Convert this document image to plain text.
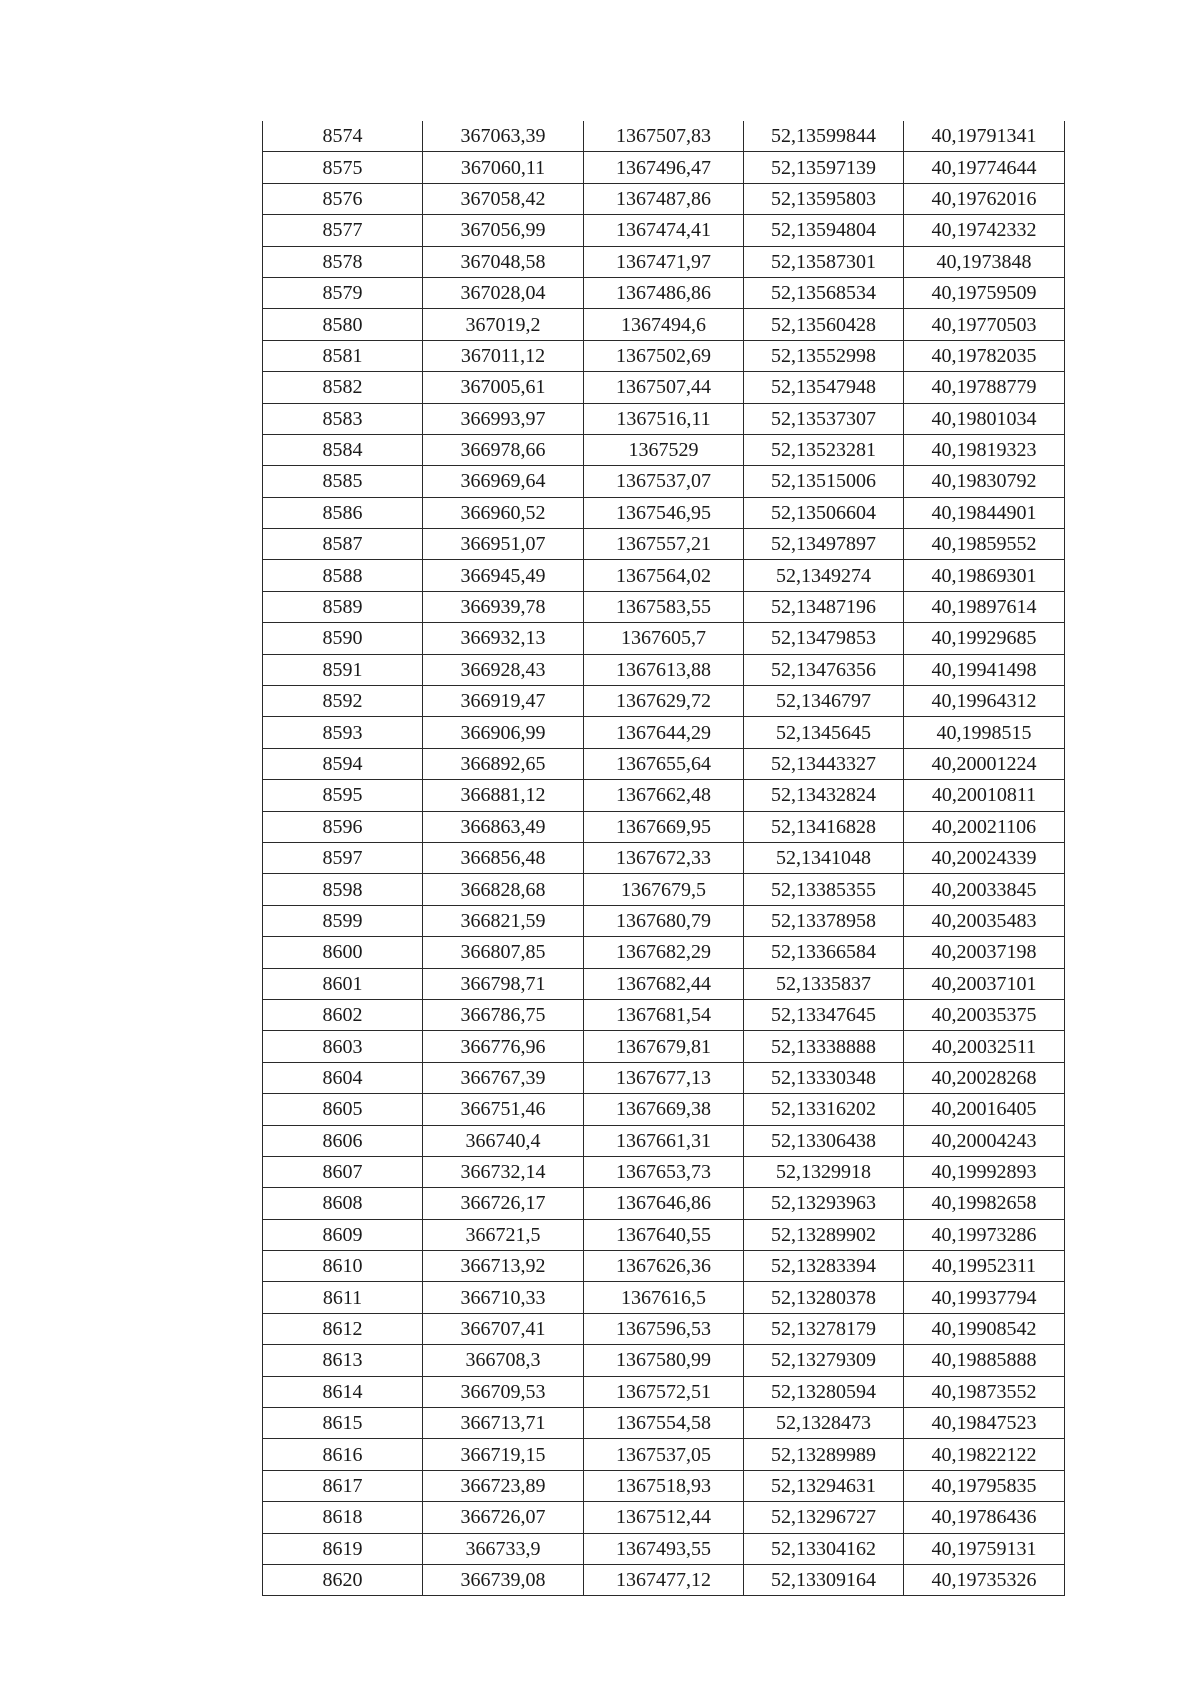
8574	367063,39	1367507,83	52,13599844	40,19791341
8575	367060,11	1367496,47	52,13597139	40,19774644
8576	367058,42	1367487,86	52,13595803	40,19762016
8577	367056,99	1367474,41	52,13594804	40,19742332
8578	367048,58	1367471,97	52,13587301	40,1973848
8579	367028,04	1367486,86	52,13568534	40,19759509
8580	367019,2	1367494,6	52,13560428	40,19770503
8581	367011,12	1367502,69	52,13552998	40,19782035
8582	367005,61	1367507,44	52,13547948	40,19788779
8583	366993,97	1367516,11	52,13537307	40,19801034
8584	366978,66	1367529	52,13523281	40,19819323
8585	366969,64	1367537,07	52,13515006	40,19830792
8586	366960,52	1367546,95	52,13506604	40,19844901
8587	366951,07	1367557,21	52,13497897	40,19859552
8588	366945,49	1367564,02	52,1349274	40,19869301
8589	366939,78	1367583,55	52,13487196	40,19897614
8590	366932,13	1367605,7	52,13479853	40,19929685
8591	366928,43	1367613,88	52,13476356	40,19941498
8592	366919,47	1367629,72	52,1346797	40,19964312
8593	366906,99	1367644,29	52,1345645	40,1998515
8594	366892,65	1367655,64	52,13443327	40,20001224
8595	366881,12	1367662,48	52,13432824	40,20010811
8596	366863,49	1367669,95	52,13416828	40,20021106
8597	366856,48	1367672,33	52,1341048	40,20024339
8598	366828,68	1367679,5	52,13385355	40,20033845
8599	366821,59	1367680,79	52,13378958	40,20035483
8600	366807,85	1367682,29	52,13366584	40,20037198
8601	366798,71	1367682,44	52,1335837	40,20037101
8602	366786,75	1367681,54	52,13347645	40,20035375
8603	366776,96	1367679,81	52,13338888	40,20032511
8604	366767,39	1367677,13	52,13330348	40,20028268
8605	366751,46	1367669,38	52,13316202	40,20016405
8606	366740,4	1367661,31	52,13306438	40,20004243
8607	366732,14	1367653,73	52,1329918	40,19992893
8608	366726,17	1367646,86	52,13293963	40,19982658
8609	366721,5	1367640,55	52,13289902	40,19973286
8610	366713,92	1367626,36	52,13283394	40,19952311
8611	366710,33	1367616,5	52,13280378	40,19937794
8612	366707,41	1367596,53	52,13278179	40,19908542
8613	366708,3	1367580,99	52,13279309	40,19885888
8614	366709,53	1367572,51	52,13280594	40,19873552
8615	366713,71	1367554,58	52,1328473	40,19847523
8616	366719,15	1367537,05	52,13289989	40,19822122
8617	366723,89	1367518,93	52,13294631	40,19795835
8618	366726,07	1367512,44	52,13296727	40,19786436
8619	366733,9	1367493,55	52,13304162	40,19759131
8620	366739,08	1367477,12	52,13309164	40,19735326
